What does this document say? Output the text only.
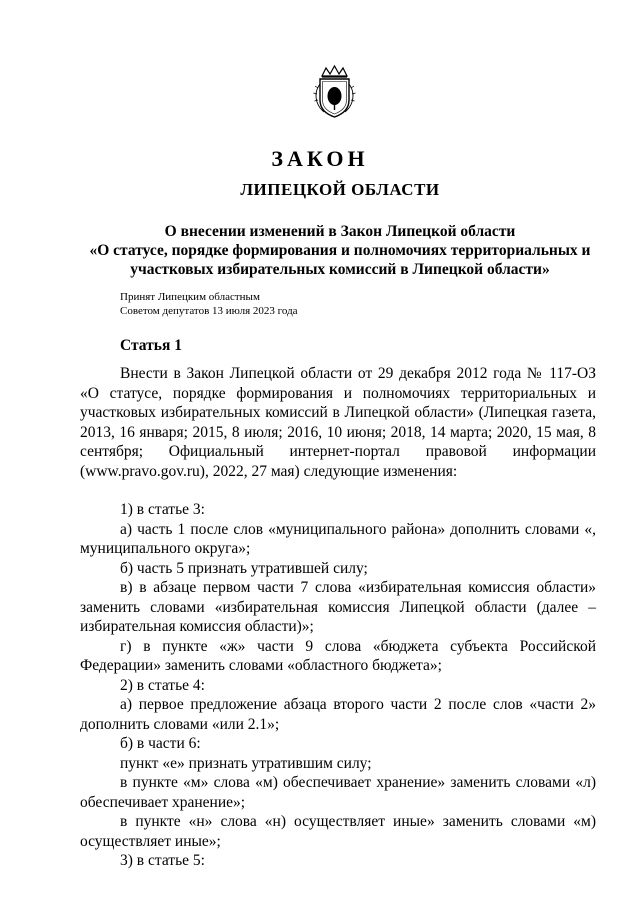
ЗАКОН
ЛИПЕЦКОЙ ОБЛАСТИ
О внесении изменений в Закон Липецкой области
«О статусе, порядке формирования и полномочиях территориальных и
участковых избирательных комиссий в Липецкой области»
Принят Липецким областным
Советом депутатов 13 июля 2023 года
Статья 1

Внести в Закон Липецкой области от 29 декабря 2012 года № 117-ОЗ «О статусе, порядке формирования и полномочиях территориальных и участковых избирательных комиссий в Липецкой области» (Липецкая газета, 2013, 16 января; 2015, 8 июля; 2016, 10 июня; 2018, 14 марта; 2020, 15 мая, 8 сентября; Официальный интернет-портал правовой информации (www.pravo.gov.ru), 2022, 27 мая) следующие изменения:

1) в статье 3:

а) часть 1 после слов «муниципального района» дополнить словами «, муниципального округа»;

б) часть 5 признать утратившей силу;

в) в абзаце первом части 7 слова «избирательная комиссия области» заменить словами «избирательная комиссия Липецкой области (далее – избирательная комиссия области)»;

г) в пункте «ж» части 9 слова «бюджета субъекта Российской Федерации» заменить словами «областного бюджета»;

2) в статье 4:

а) первое предложение абзаца второго части 2 после слов «части 2» дополнить словами «или 2.1»;

б) в части 6:

пункт «е» признать утратившим силу;

в пункте «м» слова «м) обеспечивает хранение» заменить словами «л) обеспечивает хранение»;

в пункте «н» слова «н) осуществляет иные» заменить словами «м) осуществляет иные»;

3) в статье 5:
